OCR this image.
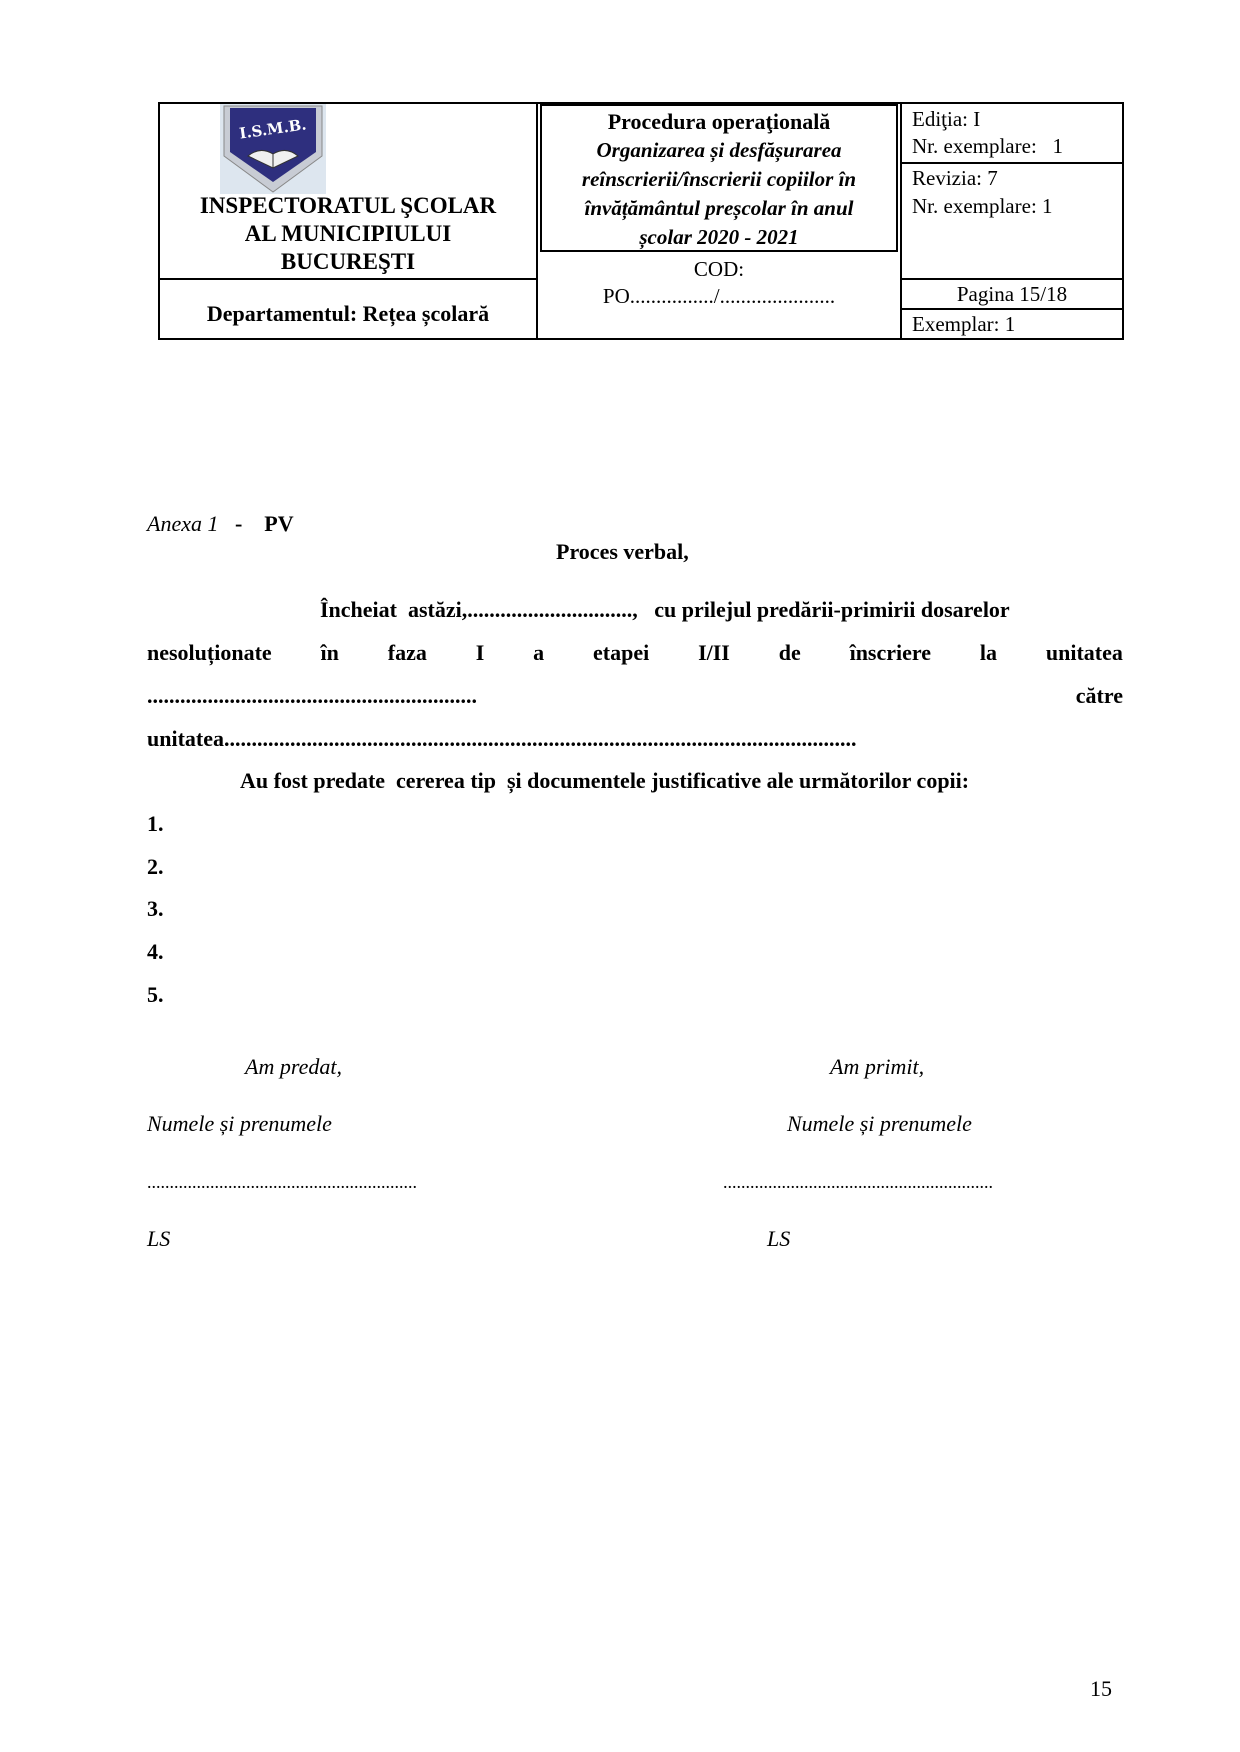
I.S.M.B.
INSPECTORATUL ŞCOLAR
AL MUNICIPIULUI
BUCUREŞTI
Departamentul: Rețea școlară
Procedura operaţională
Organizarea și desfășurarea
reînscrierii/înscrierii copiilor în
învățământul preșcolar în anul
școlar 2020 - 2021
COD:
PO................/......................
Ediţia: I
Nr. exemplare:   1
Revizia: 7
Nr. exemplare: 1
Pagina 15/18
Exemplar: 1
Anexa 1 - PV
Proces verbal,
Încheiat  astăzi,..............................,   cu prilejul predării-primirii dosarelor
nesoluționate în faza I a etapei I/II de înscriere la unitatea
............................................................	către
unitatea...................................................................................................................
Au fost predate  cererea tip  și documentele justificative ale următorilor copii:
1.
2.
3.
4.
5.
Am predat,
Numele și prenumele
............................................................
LS
Am primit,
Numele și prenumele
............................................................
LS
15
